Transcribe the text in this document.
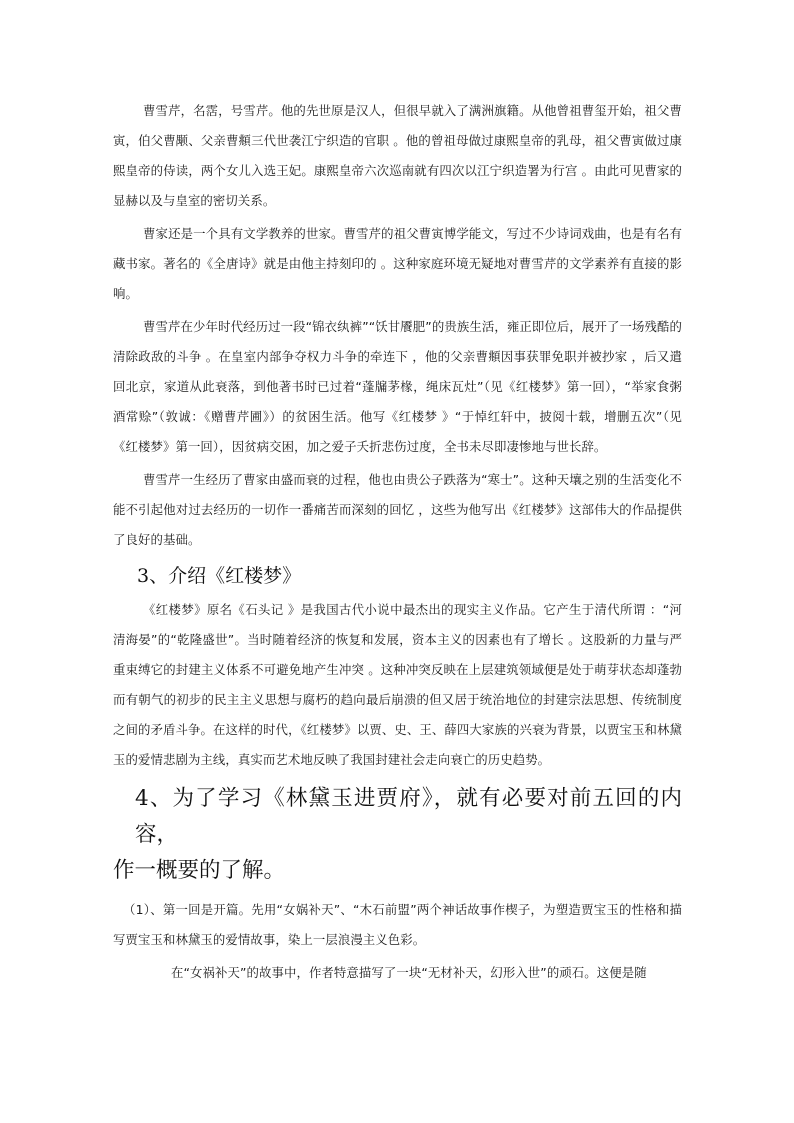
曹雪芹，名霑，号雪芹。他的先世原是汉人，但很早就入了满洲旗籍。从他曾祖曹玺开始，祖父曹寅，伯父曹颙、父亲曹頫三代世袭江宁织造的官职 。他的曾祖母做过康熙皇帝的乳母，祖父曹寅做过康熙皇帝的侍读，两个女儿入选王妃。康熙皇帝六次巡南就有四次以江宁织造署为行宫 。由此可见曹家的显赫以及与皇室的密切关系。

曹家还是一个具有文学教养的世家。曹雪芹的祖父曹寅博学能文，写过不少诗词戏曲，也是有名有藏书家。著名的《全唐诗》就是由他主持刻印的 。这种家庭环境无疑地对曹雪芹的文学素养有直接的影响。

曹雪芹在少年时代经历过一段“锦衣纨裤”“饫甘餍肥”的贵族生活，雍正即位后，展开了一场残酷的清除政敌的斗争 。在皇室内部争夺权力斗争的牵连下 ，他的父亲曹頫因事获罪免职并被抄家 ，后又遣回北京，家道从此衰落，到他著书时已过着“蓬牖茅椽，绳床瓦灶”（见《红楼梦》第一回），“举家食粥酒常赊”（敦诚：《赠曹芹圃》）的贫困生活。他写《红楼梦 》“于悼红轩中，披阅十载，增删五次”（见《红楼梦》第一回），因贫病交困，加之爱子夭折悲伤过度，全书未尽即凄惨地与世长辞。

曹雪芹一生经历了曹家由盛而衰的过程，他也由贵公子跌落为“寒士”。这种天壤之别的生活变化不能不引起他对过去经历的一切作一番痛苦而深刻的回忆 ，这些为他写出《红楼梦》这部伟大的作品提供了良好的基础。

3、介绍《红楼梦》

《红楼梦》原名《石头记 》是我国古代小说中最杰出的现实主义作品。它产生于清代所谓 ：“河清海晏”的“乾隆盛世”。当时随着经济的恢复和发展，资本主义的因素也有了增长 。这股新的力量与严重束缚它的封建主义体系不可避免地产生冲突 。这种冲突反映在上层建筑领域便是处于萌芽状态却蓬勃而有朝气的初步的民主主义思想与腐朽的趋向最后崩溃的但又居于统治地位的封建宗法思想、传统制度之间的矛盾斗争。在这样的时代，《红楼梦》以贾、史、王、薛四大家族的兴衰为背景，以贾宝玉和林黛玉的爱情悲剧为主线，真实而艺术地反映了我国封建社会走向衰亡的历史趋势。

4、为了学习《林黛玉进贾府》，就有必要对前五回的内容，
作一概要的了解。

（1）、第一回是开篇。先用“女娲补天”、“木石前盟”两个神话故事作楔子，为塑造贾宝玉的性格和描写贾宝玉和林黛玉的爱情故事，染上一层浪漫主义色彩。

在“女祸补天”的故事中，作者特意描写了一块“无材补天，幻形入世”的顽石。这便是随
